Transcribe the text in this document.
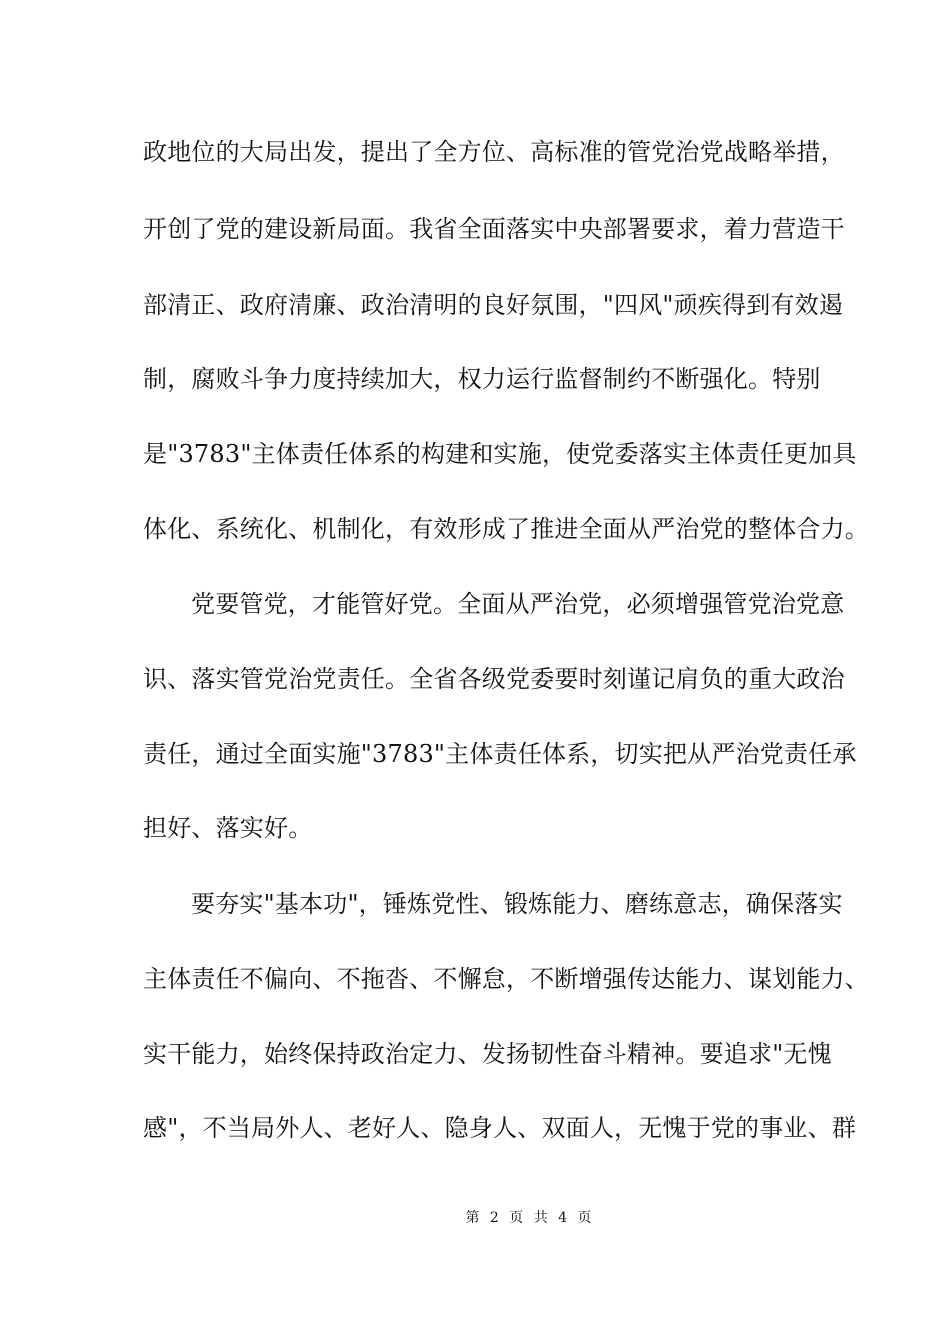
政地位的大局出发，提出了全方位、高标准的管党治党战略举措，
开创了党的建设新局面。我省全面落实中央部署要求，着力营造干
部清正、政府清廉、政治清明的良好氛围，"四风"顽疾得到有效遏
制，腐败斗争力度持续加大，权力运行监督制约不断强化。特别
是"3783"主体责任体系的构建和实施，使党委落实主体责任更加具
体化、系统化、机制化，有效形成了推进全面从严治党的整体合力。
党要管党，才能管好党。全面从严治党，必须增强管党治党意
识、落实管党治党责任。全省各级党委要时刻谨记肩负的重大政治
责任，通过全面实施"3783"主体责任体系，切实把从严治党责任承
担好、落实好。
要夯实"基本功"，锤炼党性、锻炼能力、磨练意志，确保落实
主体责任不偏向、不拖沓、不懈怠，不断增强传达能力、谋划能力、
实干能力，始终保持政治定力、发扬韧性奋斗精神。要追求"无愧
感"，不当局外人、老好人、隐身人、双面人，无愧于党的事业、群
第 2 页 共 4 页
